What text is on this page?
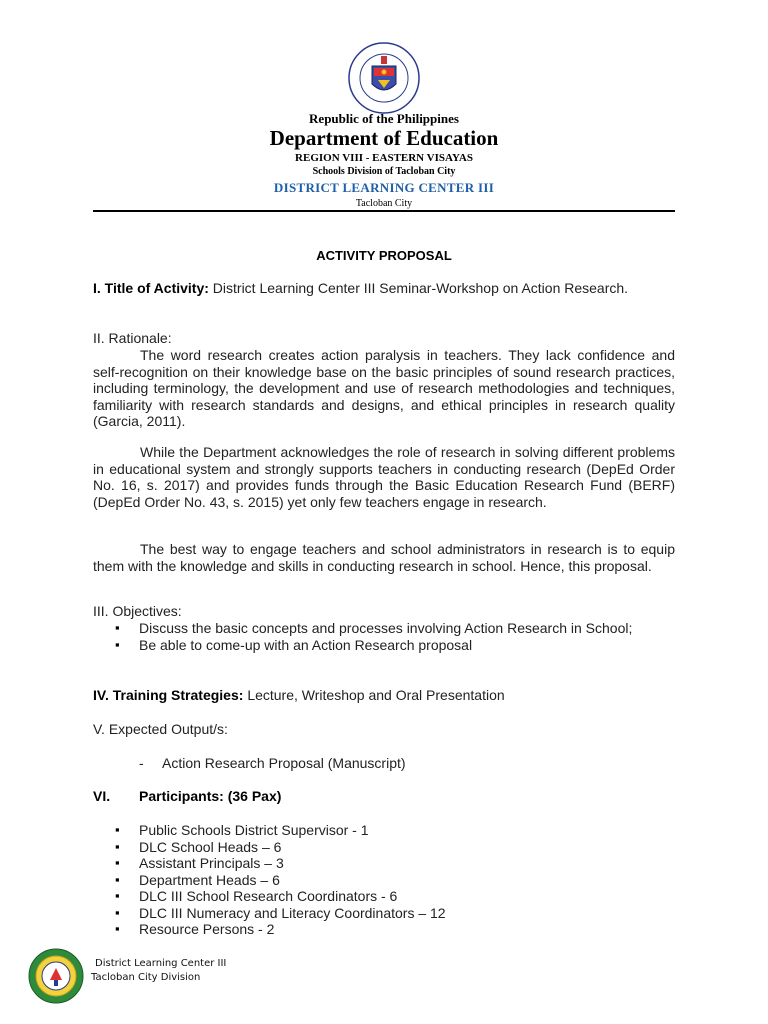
Republic of the Philippines
Department of Education
REGION VIII - EASTERN VISAYAS
Schools Division of Tacloban City
DISTRICT LEARNING CENTER III
Tacloban City
ACTIVITY PROPOSAL
I. Title of Activity: District Learning Center III Seminar-Workshop on Action Research.
II. Rationale:
The word research creates action paralysis in teachers. They lack confidence and self-recognition on their knowledge base on the basic principles of sound research practices, including terminology, the development and use of research methodologies and techniques, familiarity with research standards and designs, and ethical principles in research quality (Garcia, 2011).
While the Department acknowledges the role of research in solving different problems in educational system and strongly supports teachers in conducting research (DepEd Order No. 16, s. 2017) and provides funds through the Basic Education Research Fund (BERF) (DepEd Order No. 43, s. 2015) yet only few teachers engage in research.
The best way to engage teachers and school administrators in research is to equip them with the knowledge and skills in conducting research in school. Hence, this proposal.
III. Objectives:
▪ Discuss the basic concepts and processes involving Action Research in School;
▪ Be able to come-up with an Action Research proposal
IV. Training Strategies: Lecture, Writeshop and Oral Presentation
V. Expected Output/s:
- Action Research Proposal (Manuscript)
VI. Participants: (36 Pax)
▪ Public Schools District Supervisor - 1
▪ DLC School Heads – 6
▪ Assistant Principals – 3
▪ Department Heads – 6
▪ DLC III School Research Coordinators - 6
▪ DLC III Numeracy and Literacy Coordinators – 12
▪ Resource Persons - 2
District Learning Center III
Tacloban City Division
